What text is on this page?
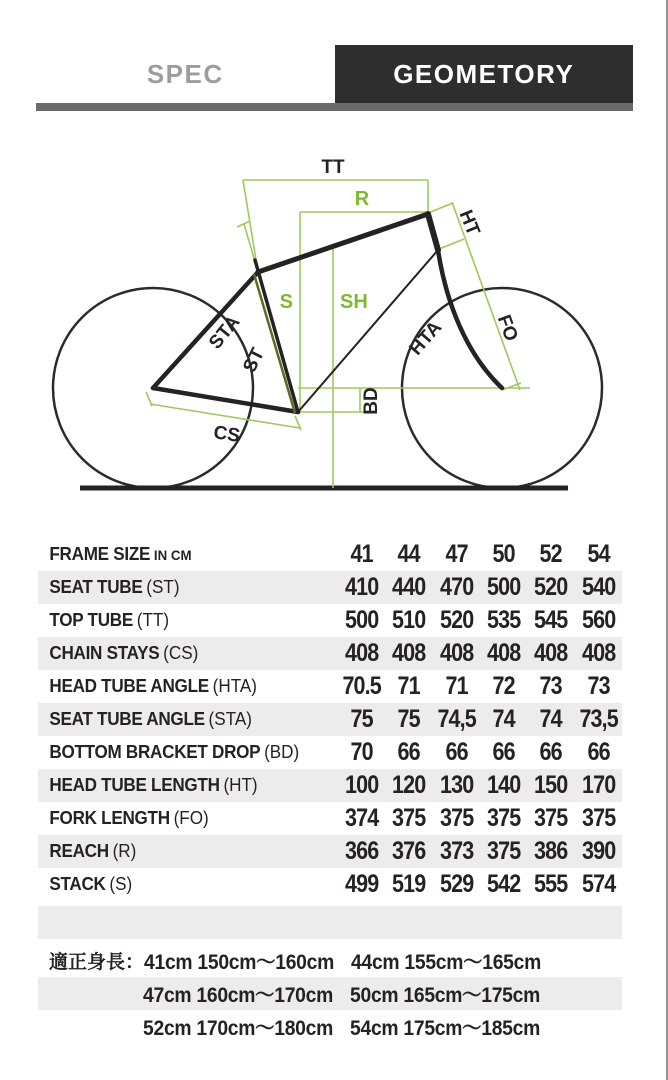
SPEC	GEOMETORY
TT
R
HT
S SH
FO
STA
ST
HTA
BD
CS
FRAME SIZE IN CM	41	44	47	50	52	54
SEAT TUBE (ST)	410 440 470 500 520 540
TOP TUBE (TT)	500 510 520 535 545 560
CHAIN STAYS (CS)	408 408 408 408 408 408
HEAD TUBE ANGLE (HTA)	70.5 71	71	72	73	73
SEAT TUBE ANGLE (STA)	75	75 74,5 74	74 73,5
BOTTOM BRACKET DROP (BD)	70	66	66	66	66	66
HEAD TUBE LENGTH (HT)	100 120 130 140 150 170
FORK LENGTH (FO)	374 375 375 375 375 375
REACH (R)	366 376 373 375 386 390
STACK (S)	499 519 529 542 555 574
適正身長： 41cm 150cm〜160cm 44cm 155cm〜165cm
47cm 160cm〜170cm 50cm 165cm〜175cm
52cm 170cm〜180cm 54cm 175cm〜185cm
